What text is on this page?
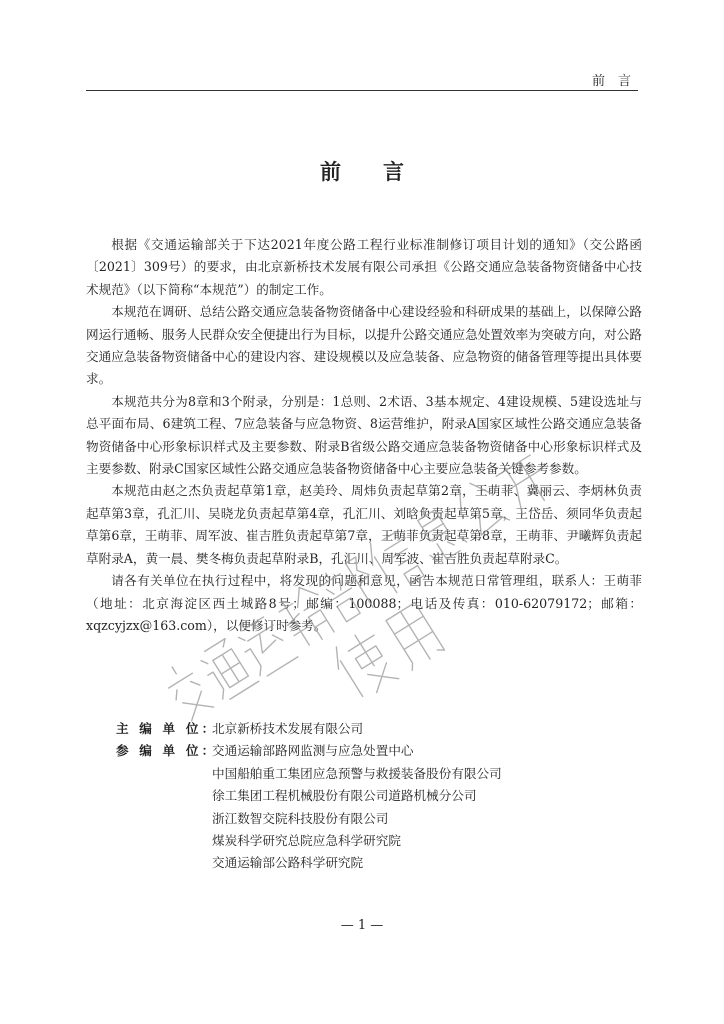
前　言
前　　言

根据《交通运输部关于下达2021年度公路工程行业标准制修订项目计划的通知》（交公路函〔2021〕309号）的要求，由北京新桥技术发展有限公司承担《公路交通应急装备物资储备中心技术规范》（以下简称“本规范”）的制定工作。

本规范在调研、总结公路交通应急装备物资储备中心建设经验和科研成果的基础上，以保障公路网运行通畅、服务人民群众安全便捷出行为目标，以提升公路交通应急处置效率为突破方向，对公路交通应急装备物资储备中心的建设内容、建设规模以及应急装备、应急物资的储备管理等提出具体要求。

本规范共分为8章和3个附录，分别是：1总则、2术语、3基本规定、4建设规模、5建设选址与总平面布局、6建筑工程、7应急装备与应急物资、8运营维护，附录A国家区域性公路交通应急装备物资储备中心形象标识样式及主要参数、附录B省级公路交通应急装备物资储备中心形象标识样式及主要参数、附录C国家区域性公路交通应急装备物资储备中心主要应急装备关键参考参数。

本规范由赵之杰负责起草第1章，赵美玲、周炜负责起草第2章，王萌菲、冀丽云、李炳林负责起草第3章，孔汇川、吴晓龙负责起草第4章，孔汇川、刘晗负责起草第5章，王岱岳、须同华负责起草第6章，王萌菲、周军波、崔吉胜负责起草第7章，王萌菲负责起草第8章，王萌菲、尹曦辉负责起草附录A，黄一晨、樊冬梅负责起草附录B，孔汇川、周军波、崔吉胜负责起草附录C。

请各有关单位在执行过程中，将发现的问题和意见，函告本规范日常管理组，联系人：王萌菲（地址：北京海淀区西土城路8号；邮编：100088；电话及传真：010-62079172；邮箱：xqzcyjzx@163.com），以便修订时参考。

主 编 单 位：
北京新桥技术发展有限公司
参 编 单 位：
交通运输部路网监测与应急处置中心
中国船舶重工集团应急预警与救援装备股份有限公司
徐工集团工程机械股份有限公司道路机械分公司
浙江数智交院科技股份有限公司
煤炭科学研究总院应急科学研究院
交通运输部公路科学研究院
— 1 —
